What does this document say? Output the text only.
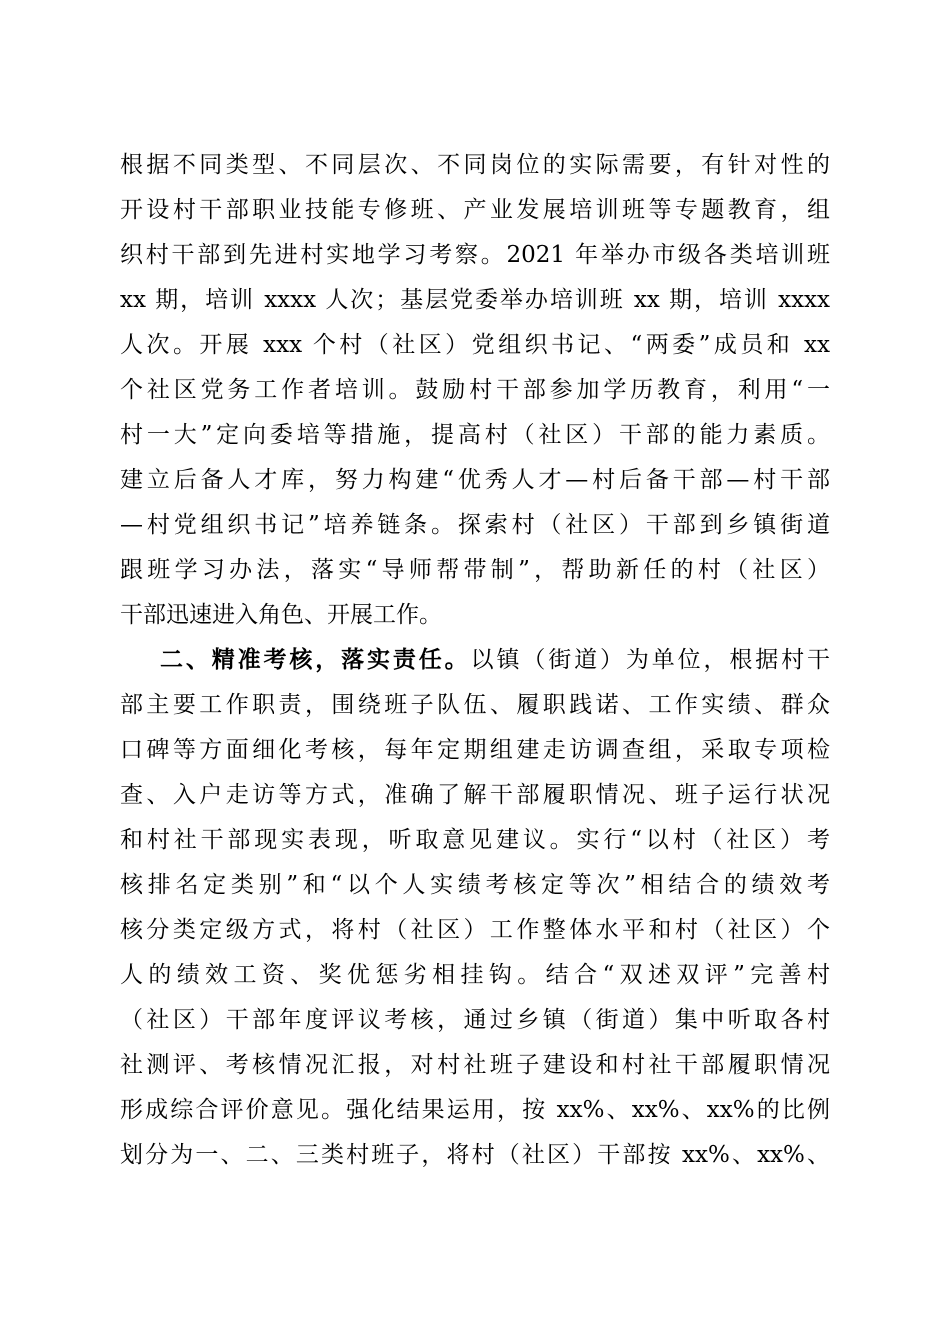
根据不同类型、不同层次、不同岗位的实际需要，有针对性的
开设村干部职业技能专修班、产业发展培训班等专题教育，组
织村干部到先进村实地学习考察。2021 年举办市级各类培训班
xx 期，培训 xxxx 人次；基层党委举办培训班 xx 期，培训 xxxx
人次。开展 xxx 个村（社区）党组织书记、“两委”成员和 xx
个社区党务工作者培训。鼓励村干部参加学历教育，利用“一
村一大”定向委培等措施，提高村（社区）干部的能力素质。
建立后备人才库，努力构建“优秀人才—村后备干部—村干部
—村党组织书记”培养链条。探索村（社区）干部到乡镇街道
跟班学习办法，落实“导师帮带制”，帮助新任的村（社区）
干部迅速进入角色、开展工作。
二、精准考核，落实责任。以镇（街道）为单位，根据村干
部主要工作职责，围绕班子队伍、履职践诺、工作实绩、群众
口碑等方面细化考核，每年定期组建走访调查组，采取专项检
查、入户走访等方式，准确了解干部履职情况、班子运行状况
和村社干部现实表现，听取意见建议。实行“以村（社区）考
核排名定类别”和“以个人实绩考核定等次”相结合的绩效考
核分类定级方式，将村（社区）工作整体水平和村（社区）个
人的绩效工资、奖优惩劣相挂钩。结合“双述双评”完善村
（社区）干部年度评议考核，通过乡镇（街道）集中听取各村
社测评、考核情况汇报，对村社班子建设和村社干部履职情况
形成综合评价意见。强化结果运用，按 xx%、xx%、xx%的比例
划分为一、二、三类村班子，将村（社区）干部按 xx%、xx%、
